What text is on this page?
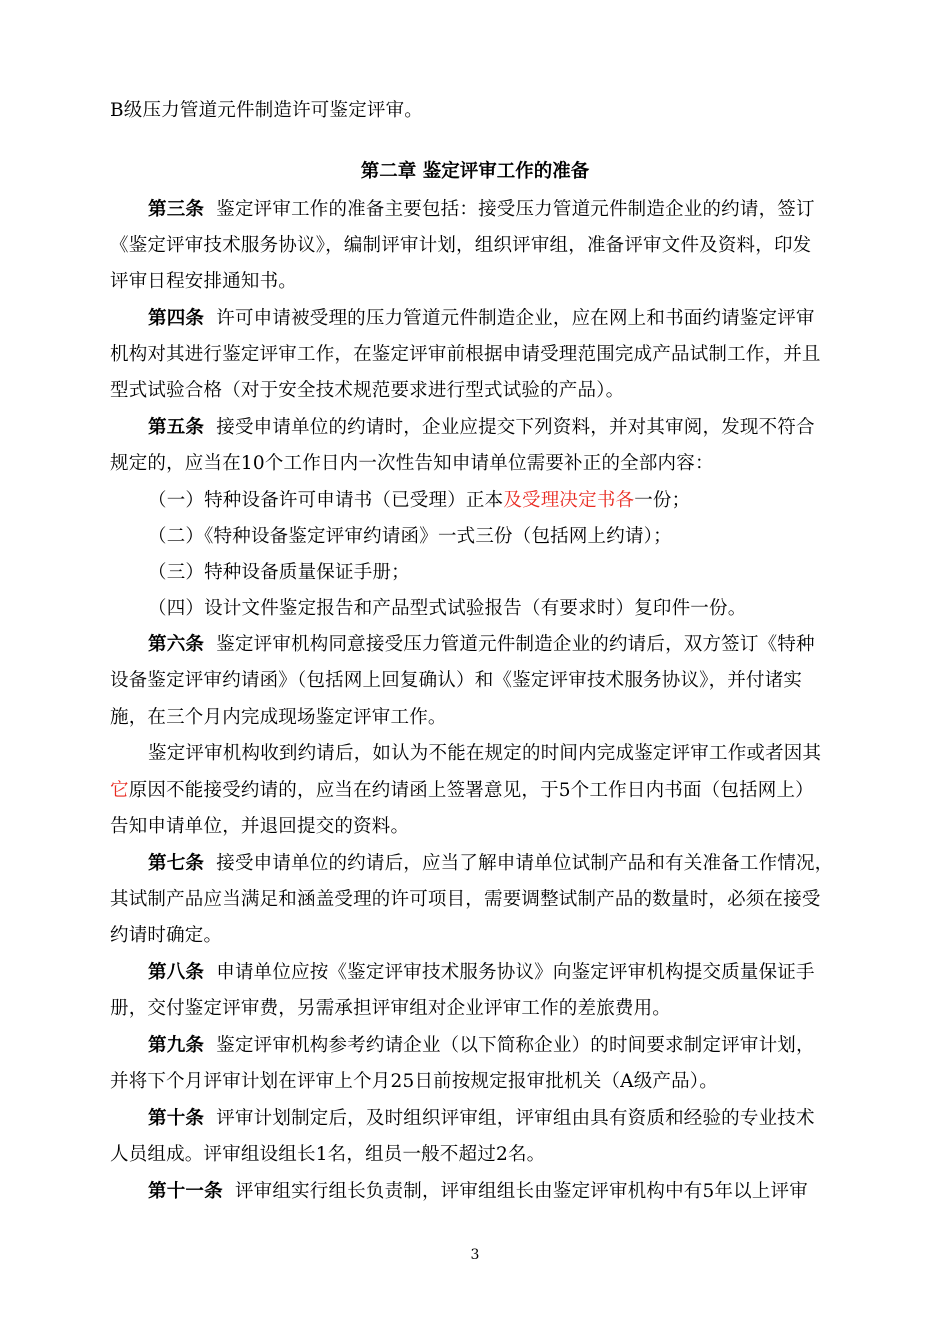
B级压力管道元件制造许可鉴定评审。
第二章 鉴定评审工作的准备
第三条 鉴定评审工作的准备主要包括：接受压力管道元件制造企业的约请，签订
《鉴定评审技术服务协议》，编制评审计划，组织评审组，准备评审文件及资料，印发
评审日程安排通知书。
第四条 许可申请被受理的压力管道元件制造企业，应在网上和书面约请鉴定评审
机构对其进行鉴定评审工作，在鉴定评审前根据申请受理范围完成产品试制工作，并且
型式试验合格（对于安全技术规范要求进行型式试验的产品）。
第五条 接受申请单位的约请时，企业应提交下列资料，并对其审阅，发现不符合
规定的，应当在10个工作日内一次性告知申请单位需要补正的全部内容：
（一）特种设备许可申请书（已受理）正本及受理决定书各一份；
（二）《特种设备鉴定评审约请函》一式三份（包括网上约请）；
（三）特种设备质量保证手册；
（四）设计文件鉴定报告和产品型式试验报告（有要求时）复印件一份。
第六条 鉴定评审机构同意接受压力管道元件制造企业的约请后，双方签订《特种
设备鉴定评审约请函》（包括网上回复确认）和《鉴定评审技术服务协议》，并付诸实
施，在三个月内完成现场鉴定评审工作。
鉴定评审机构收到约请后，如认为不能在规定的时间内完成鉴定评审工作或者因其
它原因不能接受约请的，应当在约请函上签署意见，于5个工作日内书面（包括网上）
告知申请单位，并退回提交的资料。
第七条 接受申请单位的约请后，应当了解申请单位试制产品和有关准备工作情况，
其试制产品应当满足和涵盖受理的许可项目，需要调整试制产品的数量时，必须在接受
约请时确定。
第八条 申请单位应按《鉴定评审技术服务协议》向鉴定评审机构提交质量保证手
册，交付鉴定评审费，另需承担评审组对企业评审工作的差旅费用。
第九条 鉴定评审机构参考约请企业（以下简称企业）的时间要求制定评审计划，
并将下个月评审计划在评审上个月25日前按规定报审批机关（A级产品）。
第十条 评审计划制定后，及时组织评审组，评审组由具有资质和经验的专业技术
人员组成。评审组设组长1名，组员一般不超过2名。
第十一条 评审组实行组长负责制，评审组组长由鉴定评审机构中有5年以上评审
3
